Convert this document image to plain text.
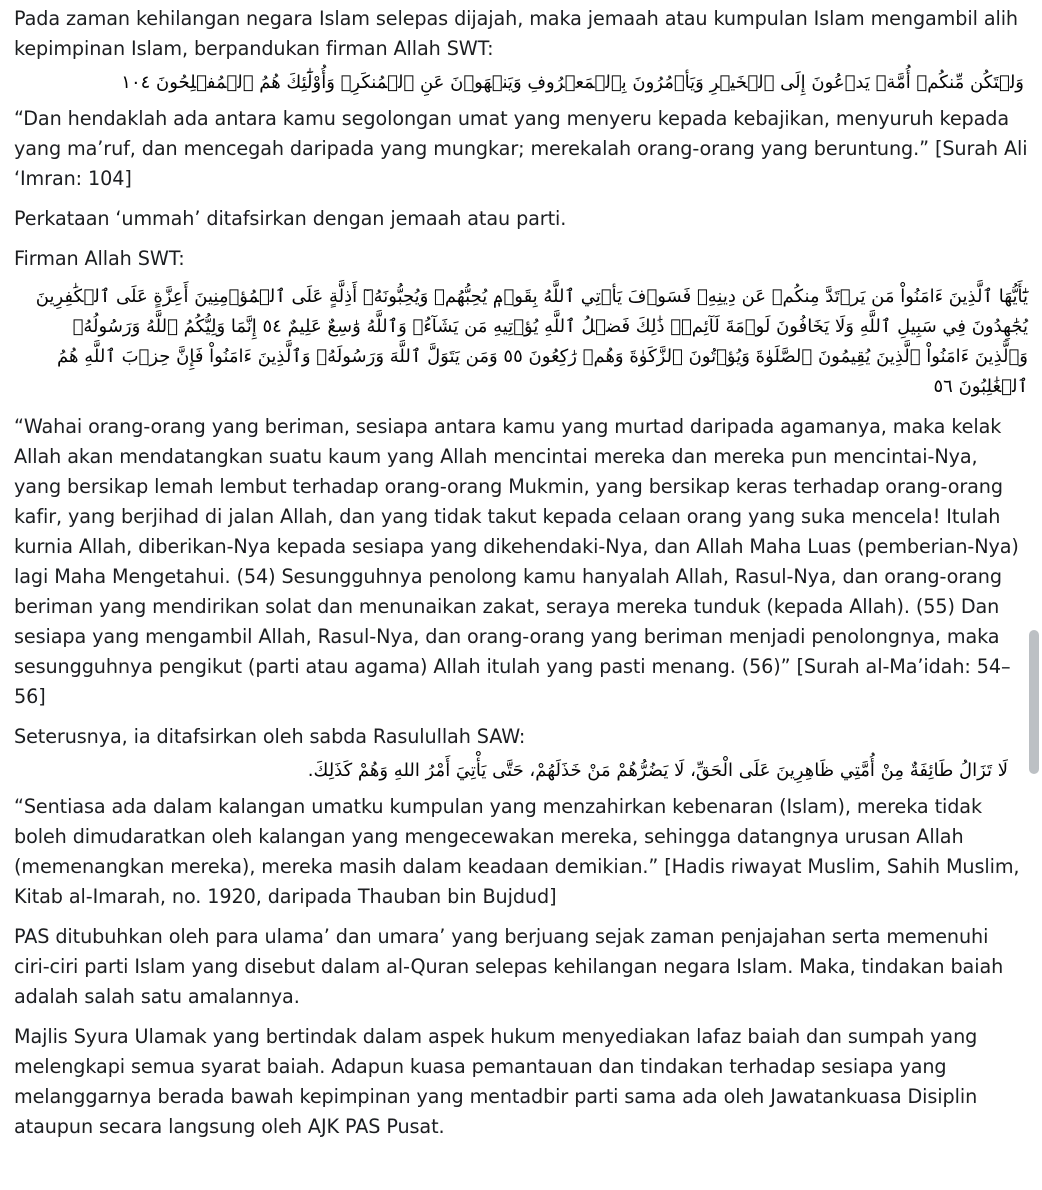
Pada zaman kehilangan negara Islam selepas dijajah, maka jemaah atau kumpulan Islam mengambil alih kepimpinan Islam, berpandukan firman Allah SWT:

وَلۡتَكُن مِّنكُمۡ أُمَّةٞ يَدۡعُونَ إِلَى ٱلۡخَيۡرِ وَيَأۡمُرُونَ بِٱلۡمَعۡرُوفِ وَيَنۡهَوۡنَ عَنِ ٱلۡمُنكَرِۚ وَأُوْلَٰٓئِكَ هُمُ ٱلۡمُفۡلِحُونَ ١٠٤

“Dan hendaklah ada antara kamu segolongan umat yang menyeru kepada kebajikan, menyuruh kepada yang ma’ruf, dan mencegah daripada yang mungkar; merekalah orang-orang yang beruntung.” [Surah Ali ‘Imran: 104]

Perkataan ‘ummah’ ditafsirkan dengan jemaah atau parti.

Firman Allah SWT:

يَٰٓأَيُّهَا ٱلَّذِينَ ءَامَنُواْ مَن يَرۡتَدَّ مِنكُمۡ عَن دِينِهِۦ فَسَوۡفَ يَأۡتِي ٱللَّهُ بِقَوۡمٖ يُحِبُّهُمۡ وَيُحِبُّونَهُۥٓ أَذِلَّةٍ عَلَى ٱلۡمُؤۡمِنِينَ أَعِزَّةٍ عَلَى ٱلۡكَٰفِرِينَ يُجَٰهِدُونَ فِي سَبِيلِ ٱللَّهِ وَلَا يَخَافُونَ لَوۡمَةَ لَآئِمٖۚ ذَٰلِكَ فَضۡلُ ٱللَّهِ يُؤۡتِيهِ مَن يَشَآءُۚ وَٱللَّهُ وَٰسِعٌ عَلِيمٌ ٥٤ إِنَّمَا وَلِيُّكُمُ ٱللَّهُ وَرَسُولُهُۥ وَٱلَّذِينَ ءَامَنُواْ ٱلَّذِينَ يُقِيمُونَ ٱلصَّلَوٰةَ وَيُؤۡتُونَ ٱلزَّكَوٰةَ وَهُمۡ رَٰكِعُونَ ٥٥ وَمَن يَتَوَلَّ ٱللَّهَ وَرَسُولَهُۥ وَٱلَّذِينَ ءَامَنُواْ فَإِنَّ حِزۡبَ ٱللَّهِ هُمُ ٱلۡغَٰلِبُونَ ٥٦

“Wahai orang-orang yang beriman, sesiapa antara kamu yang murtad daripada agamanya, maka kelak Allah akan mendatangkan suatu kaum yang Allah mencintai mereka dan mereka pun mencintai-Nya, yang bersikap lemah lembut terhadap orang-orang Mukmin, yang bersikap keras terhadap orang-orang kafir, yang berjihad di jalan Allah, dan yang tidak takut kepada celaan orang yang suka mencela! Itulah kurnia Allah, diberikan-Nya kepada sesiapa yang dikehendaki-Nya, dan Allah Maha Luas (pemberian-Nya) lagi Maha Mengetahui. (54) Sesungguhnya penolong kamu hanyalah Allah, Rasul-Nya, dan orang-orang beriman yang mendirikan solat dan menunaikan zakat, seraya mereka tunduk (kepada Allah). (55) Dan sesiapa yang mengambil Allah, Rasul-Nya, dan orang-orang yang beriman menjadi penolongnya, maka sesungguhnya pengikut (parti atau agama) Allah itulah yang pasti menang. (56)” [Surah al-Ma’idah: 54–56]

Seterusnya, ia ditafsirkan oleh sabda Rasulullah SAW:

لَا تَزَالُ طَائِفَةٌ مِنْ أُمَّتِي ظَاهِرِينَ عَلَى الْحَقِّ، لَا يَضُرُّهُمْ مَنْ خَذَلَهُمْ، حَتَّى يَأْتِيَ أَمْرُ اللهِ وَهُمْ كَذَلِكَ.

“Sentiasa ada dalam kalangan umatku kumpulan yang menzahirkan kebenaran (Islam), mereka tidak boleh dimudaratkan oleh kalangan yang mengecewakan mereka, sehingga datangnya urusan Allah (memenangkan mereka), mereka masih dalam keadaan demikian.” [Hadis riwayat Muslim, Sahih Muslim, Kitab al-Imarah, no. 1920, daripada Thauban bin Bujdud]

PAS ditubuhkan oleh para ulama’ dan umara’ yang berjuang sejak zaman penjajahan serta memenuhi ciri-ciri parti Islam yang disebut dalam al-Quran selepas kehilangan negara Islam. Maka, tindakan baiah adalah salah satu amalannya.

Majlis Syura Ulamak yang bertindak dalam aspek hukum menyediakan lafaz baiah dan sumpah yang melengkapi semua syarat baiah. Adapun kuasa pemantauan dan tindakan terhadap sesiapa yang melanggarnya berada bawah kepimpinan yang mentadbir parti sama ada oleh Jawatankuasa Disiplin ataupun secara langsung oleh AJK PAS Pusat.
